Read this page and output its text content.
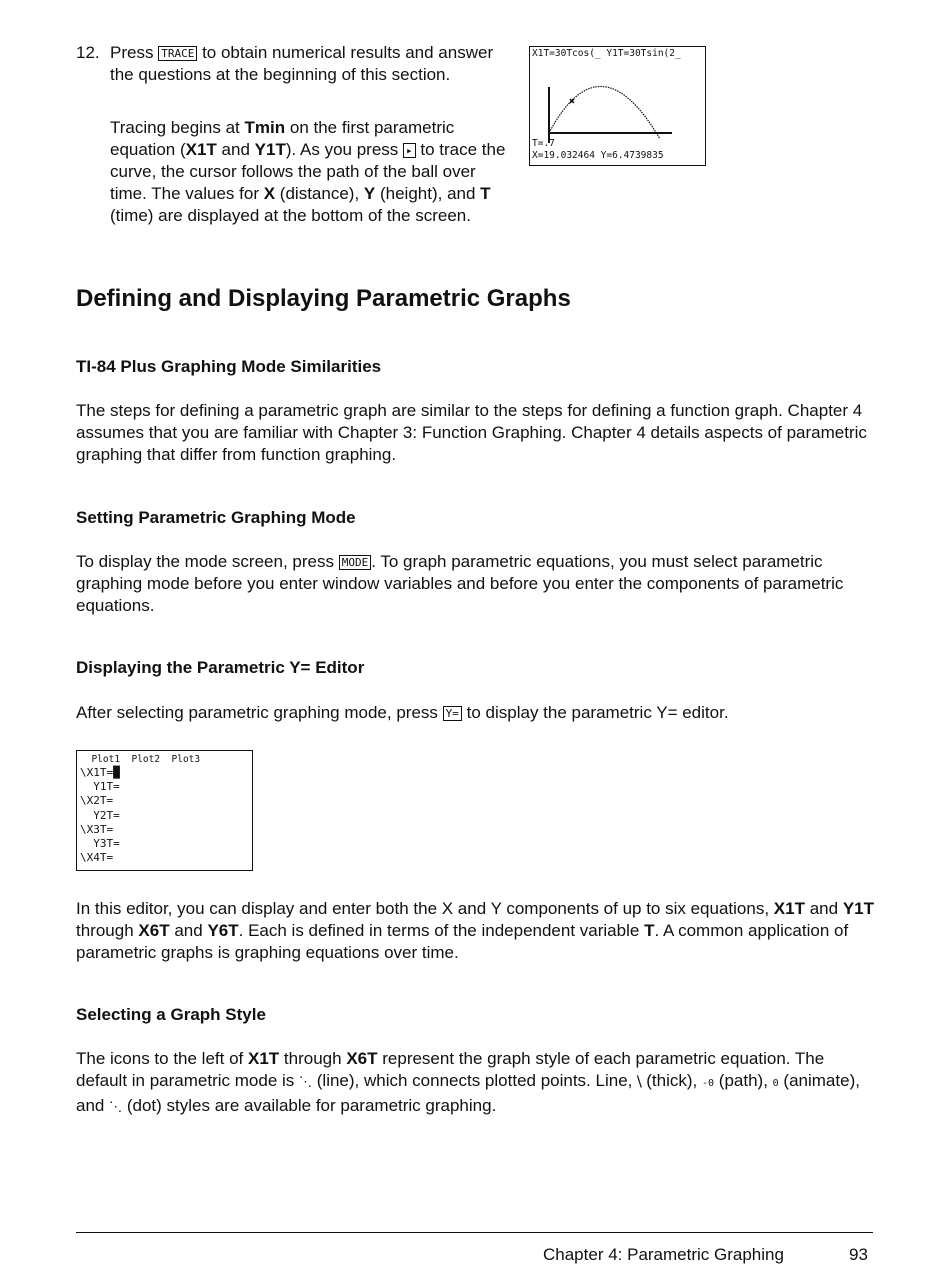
12. Press TRACE to obtain numerical results and answer the questions at the beginning of this section.
Tracing begins at Tmin on the first parametric equation (X1T and Y1T). As you press ▸ to trace the curve, the cursor follows the path of the ball over time. The values for X (distance), Y (height), and T (time) are displayed at the bottom of the screen.
X1T=30Tcos(_ Y1T=30Tsin(2_
T=.7
X=19.032464 Y=6.4739835
Defining and Displaying Parametric Graphs
TI-84 Plus Graphing Mode Similarities

The steps for defining a parametric graph are similar to the steps for defining a function graph. Chapter 4 assumes that you are familiar with Chapter 3: Function Graphing. Chapter 4 details aspects of parametric graphing that differ from function graphing.

Setting Parametric Graphing Mode

To display the mode screen, press MODE . To graph parametric equations, you must select parametric graphing mode before you enter window variables and before you enter the components of parametric equations.

Displaying the Parametric Y= Editor

After selecting parametric graphing mode, press Y= to display the parametric Y= editor.

Plot1  Plot2  Plot3
\X1T=█
Y1T=
\X2T=
Y2T=
\X3T=
Y3T=
\X4T=

In this editor, you can display and enter both the X and Y components of up to six equations, X1T and Y1T through X6T and Y6T. Each is defined in terms of the independent variable T. A common application of parametric graphs is graphing equations over time.

Selecting a Graph Style

The icons to the left of X1T through X6T represent the graph style of each parametric equation. The default in parametric mode is ⋱ (line), which connects plotted points. Line, ⧹ (thick), -0 (path), 0 (animate), and ⋱ (dot) styles are available for parametric graphing.

Chapter 4: Parametric Graphing	93
